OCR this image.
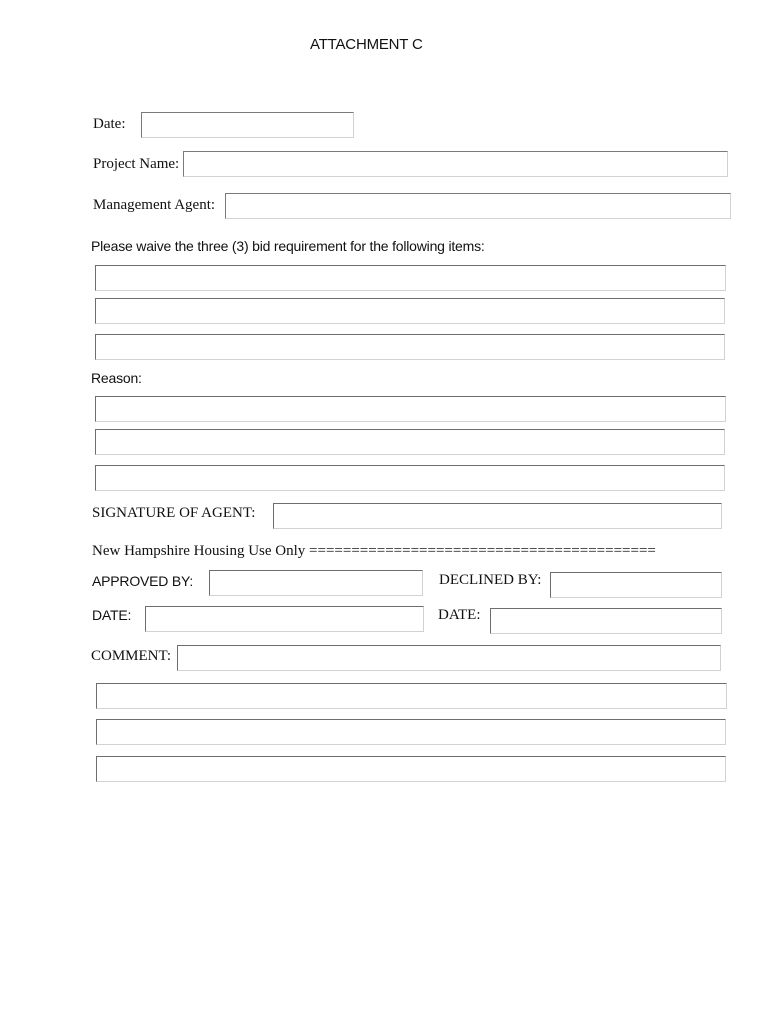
ATTACHMENT C
Date:
Project Name:
Management Agent:
Please waive the three (3) bid requirement for the following items:
Reason:
SIGNATURE OF AGENT:
New Hampshire Housing Use Only =========================================
APPROVED BY:	DECLINED BY:
DATE:	DATE:
COMMENT:
